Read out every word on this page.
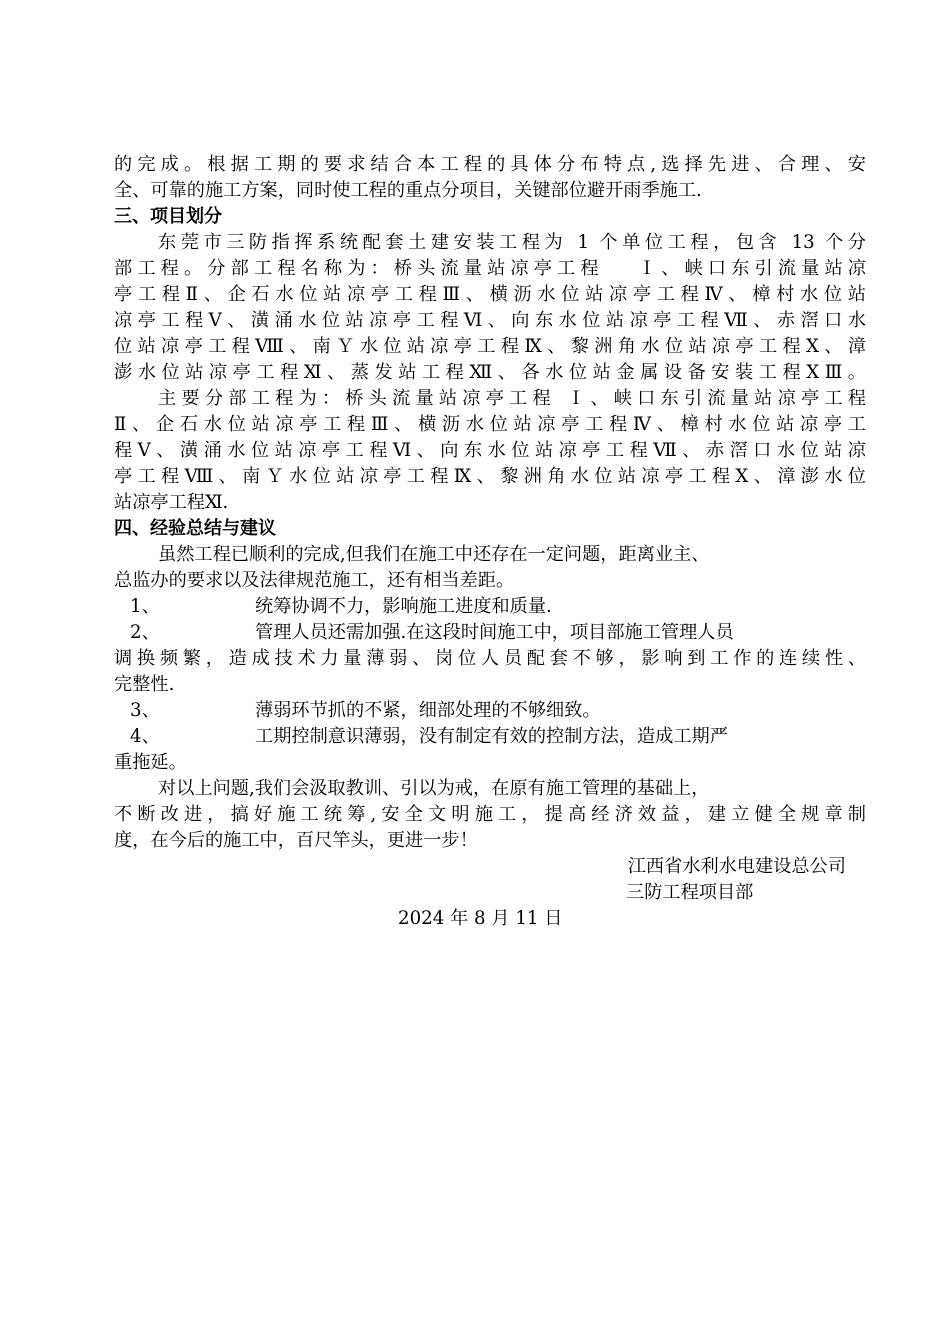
的完成。根据工期的要求结合本工程的具体分布特点,选择先进、合理、安
全、可靠的施工方案，同时使工程的重点分项目，关键部位避开雨季施工.
三、项目划分
东莞市三防指挥系统配套土建安装工程为 1 个单位工程，包含 13 个分
部工程。分部工程名称为：桥头流量站凉亭工程　 Ｉ、峡口东引流量站凉
亭工程Ⅱ、企石水位站凉亭工程Ⅲ、横沥水位站凉亭工程Ⅳ、樟村水位站
凉亭工程Ⅴ、潢涌水位站凉亭工程Ⅵ、向东水位站凉亭工程Ⅶ、赤滘口水
位站凉亭工程Ⅷ、南Ｙ水位站凉亭工程Ⅸ、黎洲角水位站凉亭工程Ⅹ、漳
澎水位站凉亭工程Ⅺ、蒸发站工程Ⅻ、各水位站金属设备安装工程ⅩⅢ。
主要分部工程为：桥头流量站凉亭工程 Ｉ、峡口东引流量站凉亭工程
Ⅱ、企石水位站凉亭工程Ⅲ、横沥水位站凉亭工程Ⅳ、樟村水位站凉亭工
程Ⅴ、潢涌水位站凉亭工程Ⅵ、向东水位站凉亭工程Ⅶ、赤滘口水位站凉
亭工程Ⅷ、南Ｙ水位站凉亭工程Ⅸ、黎洲角水位站凉亭工程Ⅹ、漳澎水位
站凉亭工程Ⅺ.
四、经验总结与建议
虽然工程已顺利的完成,但我们在施工中还存在一定问题，距离业主、
总监办的要求以及法律规范施工，还有相当差距。
1、	统筹协调不力，影响施工进度和质量.
2、	管理人员还需加强.在这段时间施工中，项目部施工管理人员
调换频繁，造成技术力量薄弱、岗位人员配套不够，影响到工作的连续性、
完整性.
3、	薄弱环节抓的不紧，细部处理的不够细致。
4、	工期控制意识薄弱，没有制定有效的控制方法，造成工期严
重拖延。
对以上问题,我们会汲取教训、引以为戒，在原有施工管理的基础上，
不断改进，搞好施工统筹,安全文明施工，提高经济效益，建立健全规章制
度，在今后的施工中，百尺竿头，更进一步！
江西省水利水电建设总公司
三防工程项目部
2024 年 8 月 11 日
